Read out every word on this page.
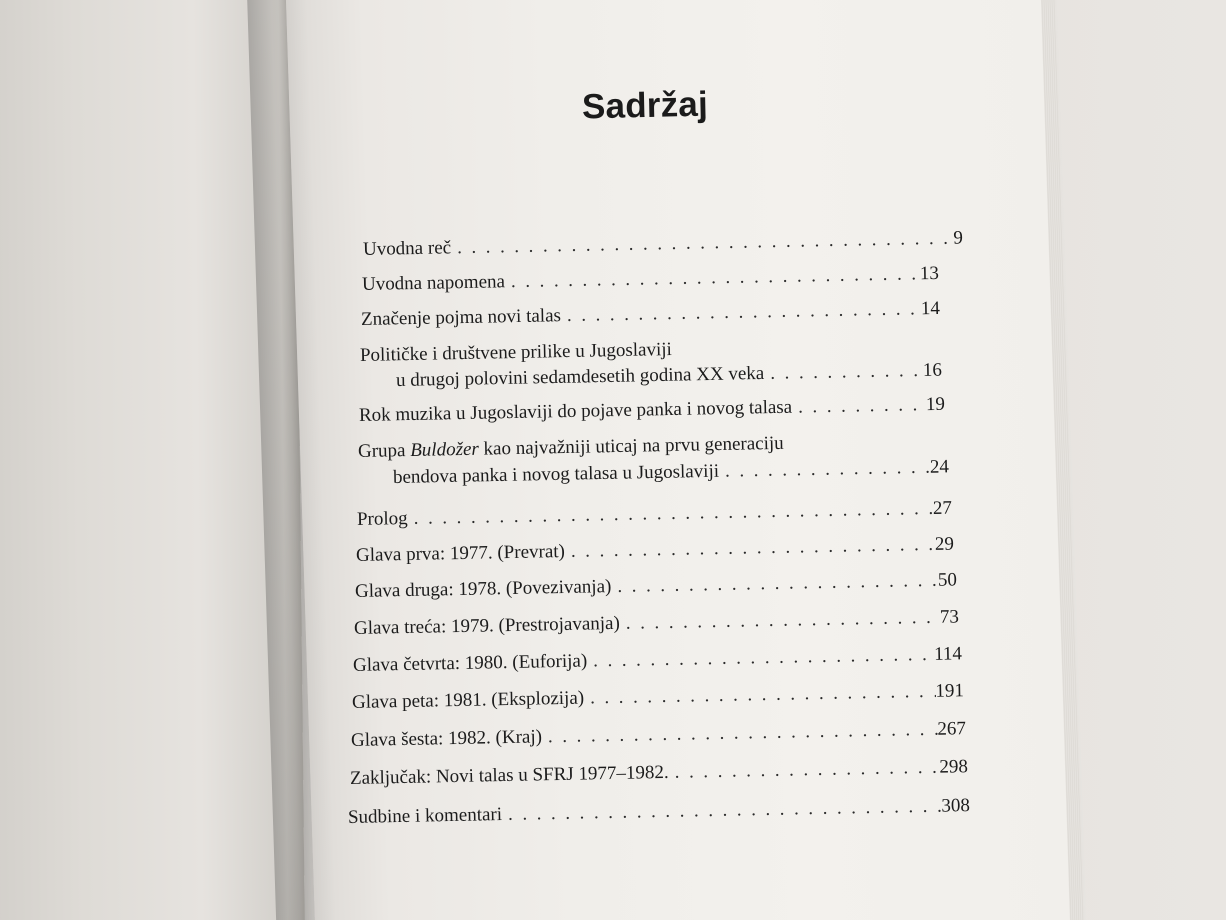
Sadržaj
Uvodna reč . . .	9
Uvodna napomena . . .	13
Značenje pojma novi talas . . .	14
Političke i društvene prilike u Jugoslaviji
u drugoj polovini sedamdesetih godina XX veka . . .	16
Rok muzika u Jugoslaviji do pojave panka i novog talasa . . .	19
Grupa Buldožer kao najvažniji uticaj na prvu generaciju
bendova panka i novog talasa u Jugoslaviji . . .	24
Prolog . . .	27
Glava prva: 1977. (Prevrat) . . .	29
Glava druga: 1978. (Povezivanja) . . .	50
Glava treća: 1979. (Prestrojavanja) . . .	73
Glava četvrta: 1980. (Euforija) . . .	114
Glava peta: 1981. (Eksplozija) . . .	191
Glava šesta: 1982. (Kraj) . . .	267
Zaključak: Novi talas u SFRJ 1977–1982. . . .	298
Sudbine i komentari . . .	308
